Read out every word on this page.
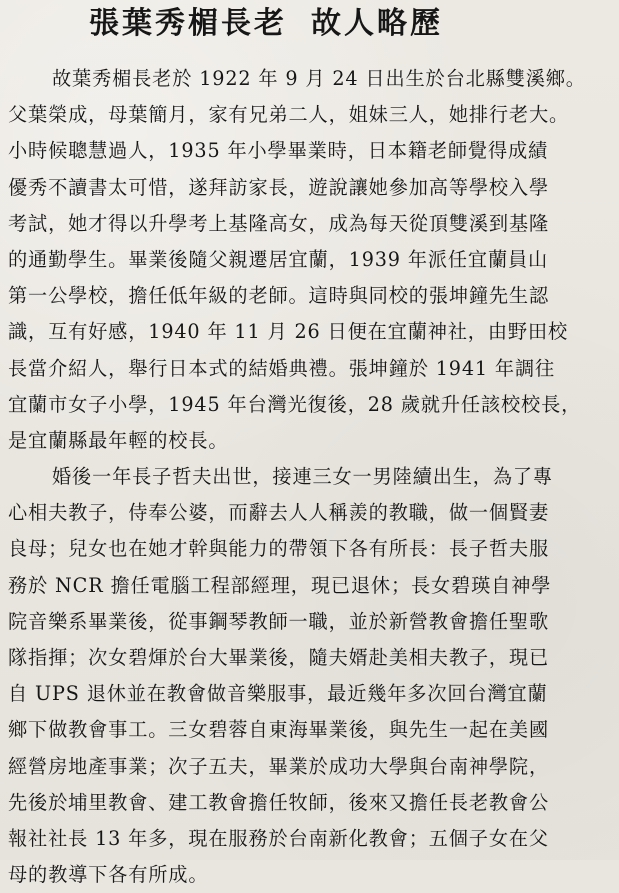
張葉秀楣長老 故人略歷
故葉秀楣長老於 1922 年 9 月 24 日出生於台北縣雙溪鄉。
父葉榮成，母葉簡月，家有兄弟二人，姐妹三人，她排行老大。
小時候聰慧過人，1935 年小學畢業時，日本籍老師覺得成績
優秀不讀書太可惜，遂拜訪家長，遊說讓她參加高等學校入學
考試，她才得以升學考上基隆高女，成為每天從頂雙溪到基隆
的通勤學生。畢業後隨父親遷居宜蘭，1939 年派任宜蘭員山
第一公學校，擔任低年級的老師。這時與同校的張坤鐘先生認
識，互有好感，1940 年 11 月 26 日便在宜蘭神社，由野田校
長當介紹人，舉行日本式的結婚典禮。張坤鐘於 1941 年調往
宜蘭市女子小學，1945 年台灣光復後，28 歲就升任該校校長，
是宜蘭縣最年輕的校長。
婚後一年長子哲夫出世，接連三女一男陸續出生，為了專
心相夫教子，侍奉公婆，而辭去人人稱羨的教職，做一個賢妻
良母；兒女也在她才幹與能力的帶領下各有所長：長子哲夫服
務於 NCR 擔任電腦工程部經理，現已退休；長女碧瑛自神學
院音樂系畢業後，從事鋼琴教師一職，並於新營教會擔任聖歌
隊指揮；次女碧煇於台大畢業後，隨夫婿赴美相夫教子，現已
自 UPS 退休並在教會做音樂服事，最近幾年多次回台灣宜蘭
鄉下做教會事工。三女碧蓉自東海畢業後，與先生一起在美國
經營房地產事業；次子五夫，畢業於成功大學與台南神學院，
先後於埔里教會、建工教會擔任牧師，後來又擔任長老教會公
報社社長 13 年多，現在服務於台南新化教會；五個子女在父
母的教導下各有所成。
